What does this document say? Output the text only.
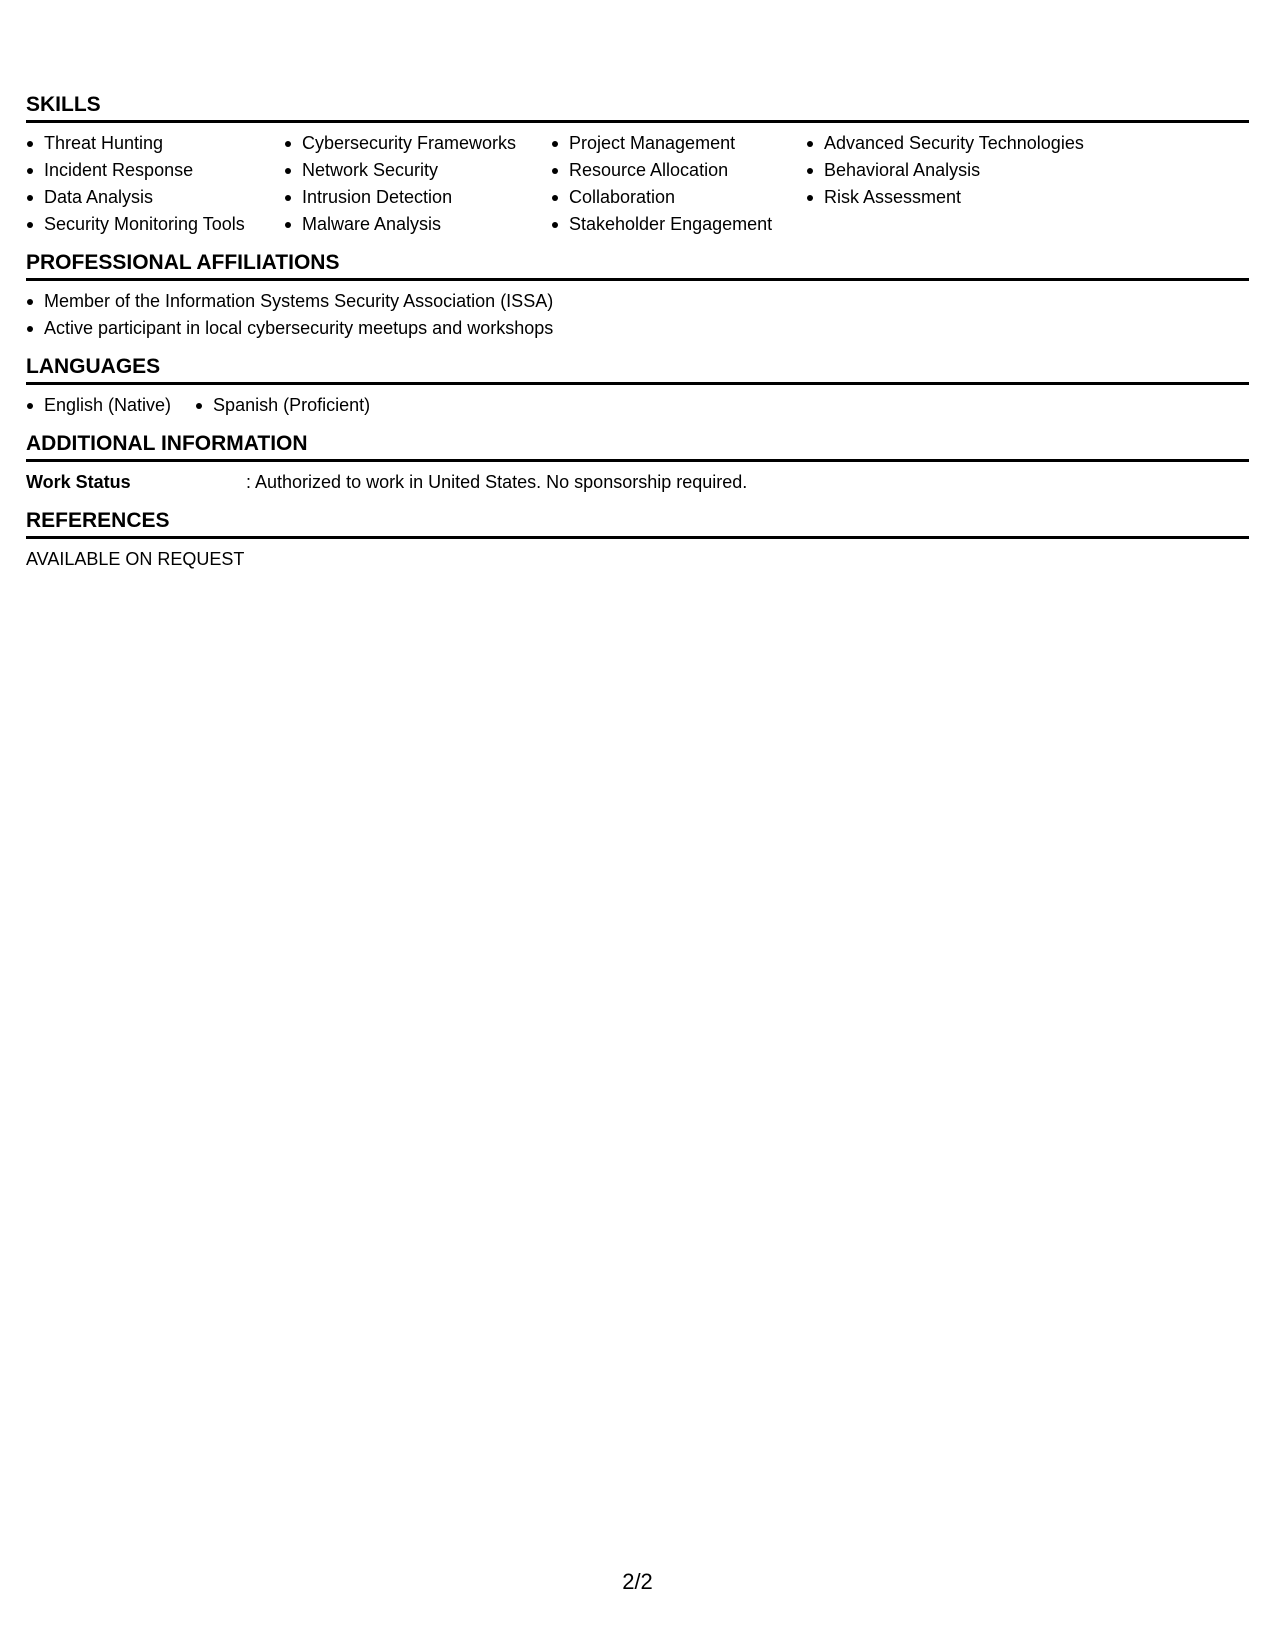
SKILLS
Threat Hunting
Incident Response
Data Analysis
Security Monitoring Tools
Cybersecurity Frameworks
Network Security
Intrusion Detection
Malware Analysis
Project Management
Resource Allocation
Collaboration
Stakeholder Engagement
Advanced Security Technologies
Behavioral Analysis
Risk Assessment
PROFESSIONAL AFFILIATIONS
Member of the Information Systems Security Association (ISSA)
Active participant in local cybersecurity meetups and workshops
LANGUAGES
English (Native)	Spanish (Proficient)
ADDITIONAL INFORMATION
Work Status	: Authorized to work in United States. No sponsorship required.
REFERENCES
AVAILABLE ON REQUEST
2/2
